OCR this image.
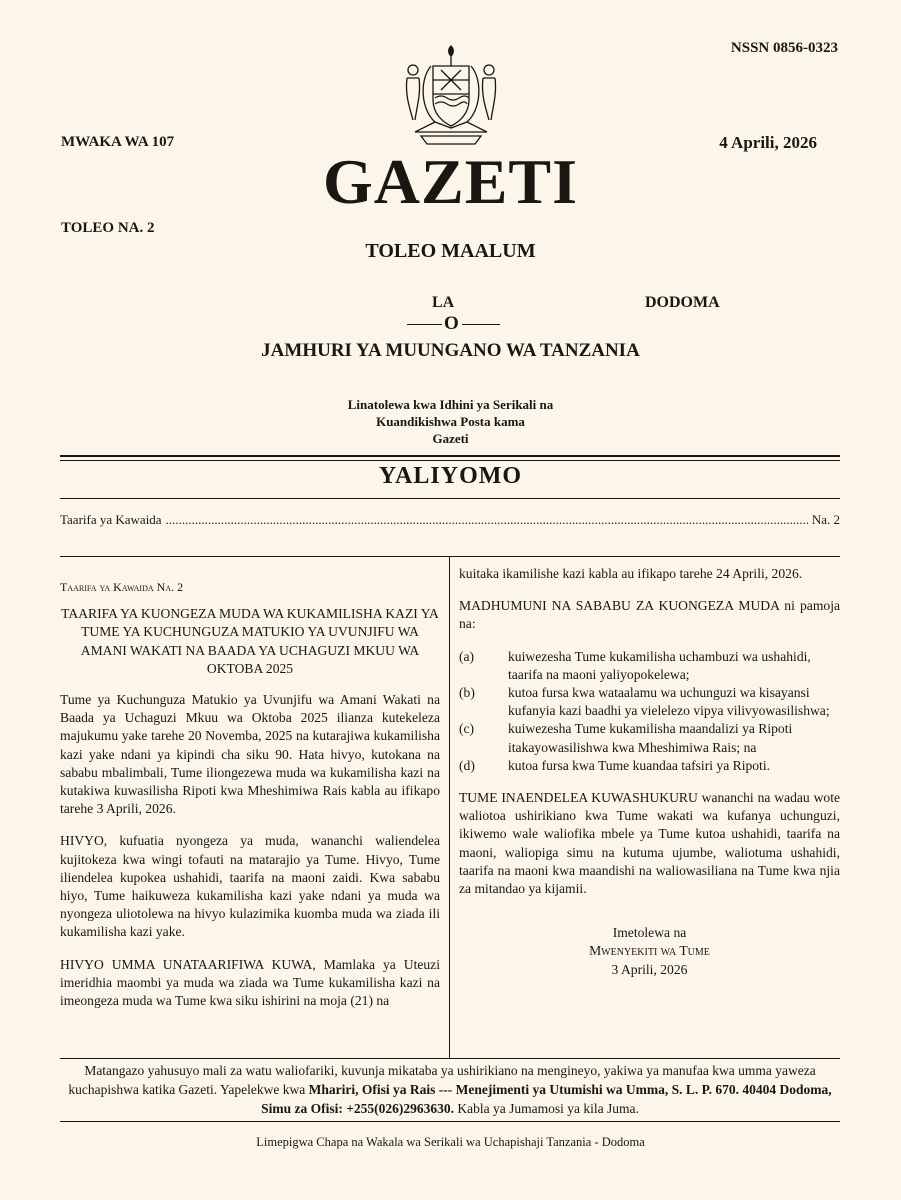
NSSN 0856-0323
MWAKA WA 107	4 Aprili, 2026
TOLEO NA. 2
GAZETI
TOLEO MAALUM
LA	DODOMA
O
JAMHURI YA MUUNGANO WA TANZANIA
Linatolewa kwa Idhini ya Serikali na
Kuandikishwa Posta kama
Gazeti
YALIYOMO
Taarifa ya Kawaida
.....	Na. 2
Taarifa ya Kawaida Na. 2
TAARIFA YA KUONGEZA MUDA WA KUKAMILISHA KAZI YA TUME YA KUCHUNGUZA MATUKIO YA UVUNJIFU WA AMANI WAKATI NA BAADA YA UCHAGUZI MKUU WA OKTOBA 2025

Tume ya Kuchunguza Matukio ya Uvunjifu wa Amani Wakati na Baada ya Uchaguzi Mkuu wa Oktoba 2025 ilianza kutekeleza majukumu yake tarehe 20 Novemba, 2025 na kutarajiwa kukamilisha kazi yake ndani ya kipindi cha siku 90. Hata hivyo, kutokana na sababu mbalimbali, Tume iliongezewa muda wa kukamilisha kazi na kutakiwa kuwasilisha Ripoti kwa Mheshimiwa Rais kabla au ifikapo tarehe 3 Aprili, 2026.

HIVYO, kufuatia nyongeza ya muda, wananchi waliendelea kujitokeza kwa wingi tofauti na matarajio ya Tume. Hivyo, Tume iliendelea kupokea ushahidi, taarifa na maoni zaidi. Kwa sababu hiyo, Tume haikuweza kukamilisha kazi yake ndani ya muda wa nyongeza uliotolewa na hivyo kulazimika kuomba muda wa ziada ili kukamilisha kazi yake.

HIVYO UMMA UNATAARIFIWA KUWA, Mamlaka ya Uteuzi imeridhia maombi ya muda wa ziada wa Tume kukamilisha kazi na imeongeza muda wa Tume kwa siku ishirini na moja (21) na

kuitaka ikamilishe kazi kabla au ifikapo tarehe 24 Aprili, 2026.

MADHUMUNI NA SABABU ZA KUONGEZA MUDA ni pamoja na:

(a)	kuiwezesha Tume kukamilisha uchambuzi wa ushahidi, taarifa na maoni yaliyopokelewa;
(b)	kutoa fursa kwa wataalamu wa uchunguzi wa kisayansi kufanyia kazi baadhi ya vielelezo vipya vilivyowasilishwa;
(c)	kuiwezesha Tume kukamilisha maandalizi ya Ripoti itakayowasilishwa kwa Mheshimiwa Rais; na
(d)	kutoa fursa kwa Tume kuandaa tafsiri ya Ripoti.

TUME INAENDELEA KUWASHUKURU wananchi na wadau wote waliotoa ushirikiano kwa Tume wakati wa kufanya uchunguzi, ikiwemo wale waliofika mbele ya Tume kutoa ushahidi, taarifa na maoni, waliopiga simu na kutuma ujumbe, waliotuma ushahidi, taarifa na maoni kwa maandishi na waliowasiliana na Tume kwa njia za mitandao ya kijamii.

Imetolewa na
Mwenyekiti wa Tume
3 Aprili, 2026
Matangazo yahusuyo mali za watu waliofariki, kuvunja mikataba ya ushirikiano na mengineyo, yakiwa ya manufaa kwa umma yaweza kuchapishwa katika Gazeti. Yapelekwe kwa Mhariri, Ofisi ya Rais --- Menejimenti ya Utumishi wa Umma, S. L. P. 670. 40404 Dodoma, Simu za Ofisi: +255(026)2963630. Kabla ya Jumamosi ya kila Juma.
Limepigwa Chapa na Wakala wa Serikali wa Uchapishaji Tanzania - Dodoma
